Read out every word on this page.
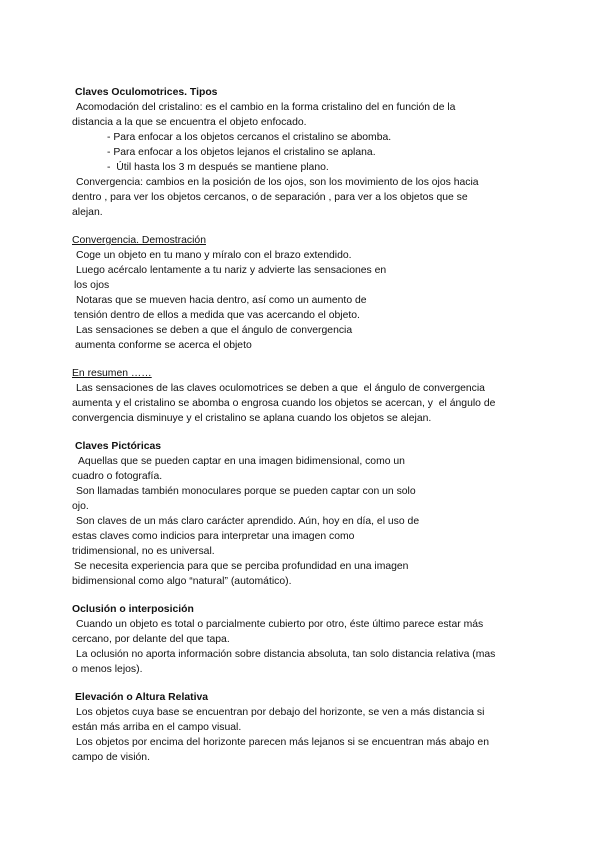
Claves Oculomotrices. Tipos
Acomodación del cristalino: es el cambio en la forma cristalino del en función de la
distancia a la que se encuentra el objeto enfocado.
- Para enfocar a los objetos cercanos el cristalino se abomba.
- Para enfocar a los objetos lejanos el cristalino se aplana.
-  Útil hasta los 3 m después se mantiene plano.
Convergencia: cambios en la posición de los ojos, son los movimiento de los ojos hacia
dentro , para ver los objetos cercanos, o de separación , para ver a los objetos que se
alejan.
Convergencia. Demostración
Coge un objeto en tu mano y míralo con el brazo extendido.
Luego acércalo lentamente a tu nariz y advierte las sensaciones en
los ojos
Notaras que se mueven hacia dentro, así como un aumento de
tensión dentro de ellos a medida que vas acercando el objeto.
Las sensaciones se deben a que el ángulo de convergencia
aumenta conforme se acerca el objeto
En resumen ……
Las sensaciones de las claves oculomotrices se deben a que  el ángulo de convergencia
aumenta y el cristalino se abomba o engrosa cuando los objetos se acercan, y  el ángulo de
convergencia disminuye y el cristalino se aplana cuando los objetos se alejan.
Claves Pictóricas
Aquellas que se pueden captar en una imagen bidimensional, como un
cuadro o fotografía.
Son llamadas también monoculares porque se pueden captar con un solo
ojo.
Son claves de un más claro carácter aprendido. Aún, hoy en día, el uso de
estas claves como indicios para interpretar una imagen como
tridimensional, no es universal.
Se necesita experiencia para que se perciba profundidad en una imagen
bidimensional como algo “natural” (automático).
Oclusión o interposición
Cuando un objeto es total o parcialmente cubierto por otro, éste último parece estar más
cercano, por delante del que tapa.
La oclusión no aporta información sobre distancia absoluta, tan solo distancia relativa (mas
o menos lejos).
Elevación o Altura Relativa
Los objetos cuya base se encuentran por debajo del horizonte, se ven a más distancia si
están más arriba en el campo visual.
Los objetos por encima del horizonte parecen más lejanos si se encuentran más abajo en
campo de visión.
